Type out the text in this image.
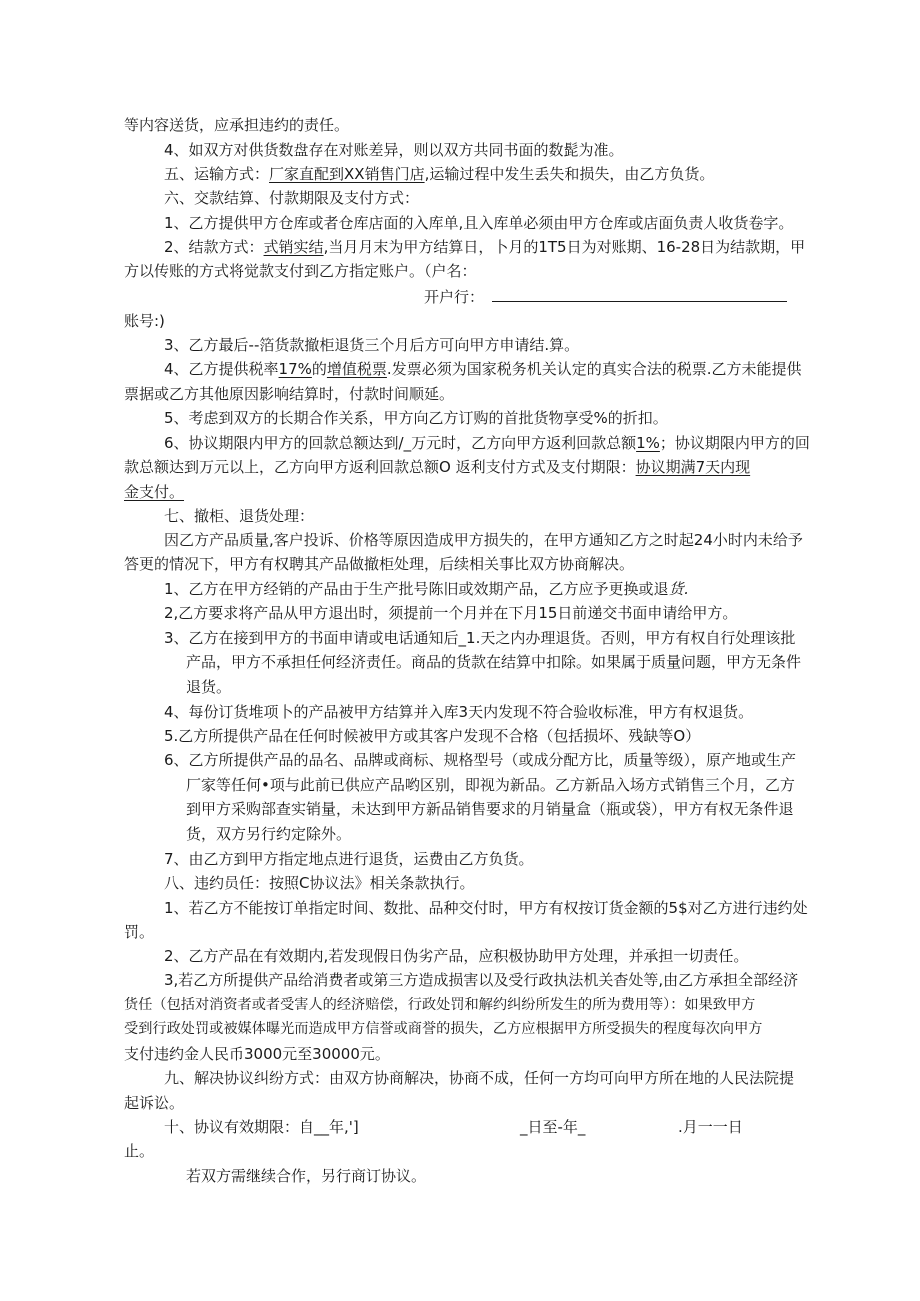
等内容送货，应承担违约的责任。
4、如双方对供货数盘存在对账差异，则以双方共同书面的数髭为准。
五、运输方式：厂家直配到XX销售门店,运输过程中发生丢失和损失，由乙方负货。
六、交款结算、付款期限及支付方式：
1、乙方提供甲方仓库或者仓库店面的入库单,且入库单必须由甲方仓库或店面负责人收货卷字。
2、结款方式：式销实结,当月月末为甲方结算日，卜月的1T5日为对账期、16-28日为结款期，甲
方以传账的方式将觉款支付到乙方指定账户。（户名：
开户行：
账号:)
3、乙方最后--箔货款撤柜退货三个月后方可向甲方申请结.算。
4、乙方提供税率17%的增值税票.发票必须为国家税务机关认定的真实合法的税票.乙方未能提供
票据或乙方其他原因影响结算时，付款时间顺延。
5、考虑到双方的长期合作关系，甲方向乙方订购的首批货物享受%的折扣。
6、协议期限内甲方的回款总额达到/_万元时，乙方向甲方返利回款总额1%；协议期限内甲方的回
款总额达到万元以上，乙方向甲方返利回款总额O 返利支付方式及支付期限：协议期满7天内现
金支付。
七、撤柜、退货处理：
因乙方产品质量,客户投诉、价格等原因造成甲方损失的，在甲方通知乙方之时起24小时内未给予
答更的情况下，甲方有权聘其产品做撤柜处理，后续相关事比双方协商解决。
1、乙方在甲方经销的产品由于生产批号陈旧或效期产品，乙方应予更换或退货.
2,乙方要求将产品从甲方退出时，须提前一个月并在下月15日前递交书面申请给甲方。
3、乙方在接到甲方的书面申请或电话通知后_1.天之内办理退货。否则，甲方有权自行处理该批
产品，甲方不承担任何经济责任。商品的货款在结算中扣除。如果属于质量问题，甲方无条件
退货。
4、每份订货堆项卜的产品被甲方结算并入库3天内发现不符合验收标准，甲方有权退货。
5.乙方所提供产品在任何时候被甲方或其客户发现不合格（包括损坏、残缺等O）
6、乙方所提供产品的品名、品牌或商标、规格型号（或成分配方比，质量等级），原产地或生产
厂家等任何•项与此前已供应产品哟区别，即视为新品。乙方新品入场方式销售三个月，乙方
到甲方采购部查实销量，未达到甲方新品销售要求的月销量盒（瓶或袋），甲方有权无条件退
货，双方另行约定除外。
7、由乙方到甲方指定地点进行退货，运费由乙方负货。
八、违约员任：按照C协议法》相关条款执行。
1、若乙方不能按订单指定时间、数批、品种交付时，甲方有权按订货金额的5$对乙方进行违约处
罚。
2、乙方产品在有效期内,若发现假日伪劣产品，应积极协助甲方处理，并承担一切责任。
3,若乙方所提供产品给消费者或第三方造成损害以及受行政执法机关杳处等,由乙方承担全部经济
货任（包括对消资者或者受害人的经济赔偿，行政处罚和解约纠纷所发生的所为费用等）：如果致甲方
受到行政处罚或被媒体曝光而造成甲方信誉或商誉的损失，乙方应根据甲方所受损失的程度每次向甲方
支付违约金人民币3000元至30000元。
九、解决协议纠纷方式：由双方协商解决，协商不成，任何一方均可向甲方所在地的人民法院提
起诉讼。
十、协议有效期限：自__年,']	_日至-年_	.月一一日
止。
若双方需继续合作，另行商订协议。
